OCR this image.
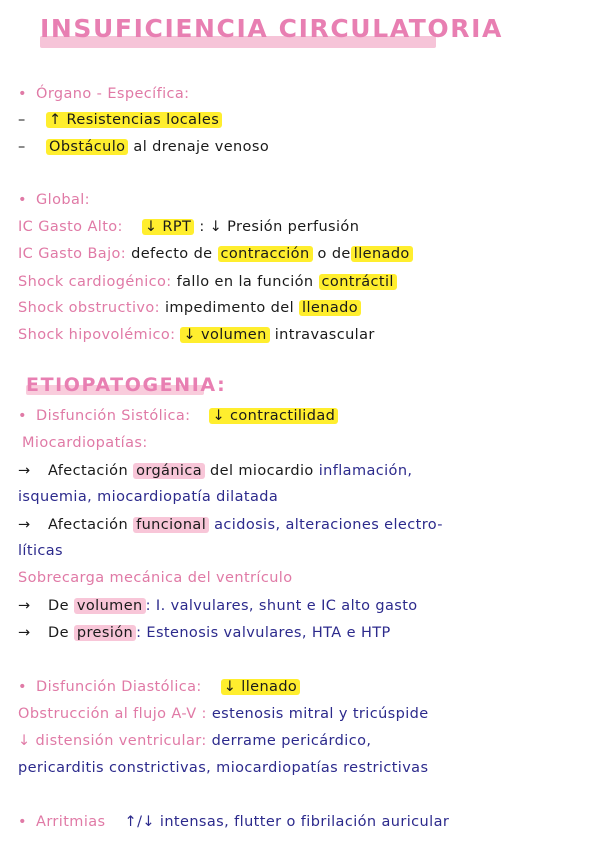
INSUFICIENCIA CIRCULATORIA
• Órgano - Específica:
– ↑ Resistencias locales
– Obstáculo al drenaje venoso
• Global:
IC Gasto Alto: ↓ RPT : ↓ Presión perfusión
IC Gasto Bajo: defecto de contracción o de llenado
Shock cardiogénico: fallo en la función contráctil
Shock obstructivo: impedimento del llenado
Shock hipovolémico: ↓ volumen intravascular
ETIOPATOGENIA:
• Disfunción Sistólica: ↓ contractilidad
Miocardiopatías:
→ Afectación orgánica del miocardio inflamación,
isquemia, miocardiopatía dilatada
→ Afectación funcional acidosis, alteraciones electro-
líticas
Sobrecarga mecánica del ventrículo
→ De volumen : I. valvulares, shunt e IC alto gasto
→ De presión : Estenosis valvulares, HTA e HTP
• Disfunción Diastólica: ↓ llenado
Obstrucción al flujo A-V : estenosis mitral y tricúspide
↓ distensión ventricular: derrame pericárdico,
pericarditis constrictivas, miocardiopatías restrictivas
• Arritmias ↑/↓ intensas, flutter o fibrilación auricular
